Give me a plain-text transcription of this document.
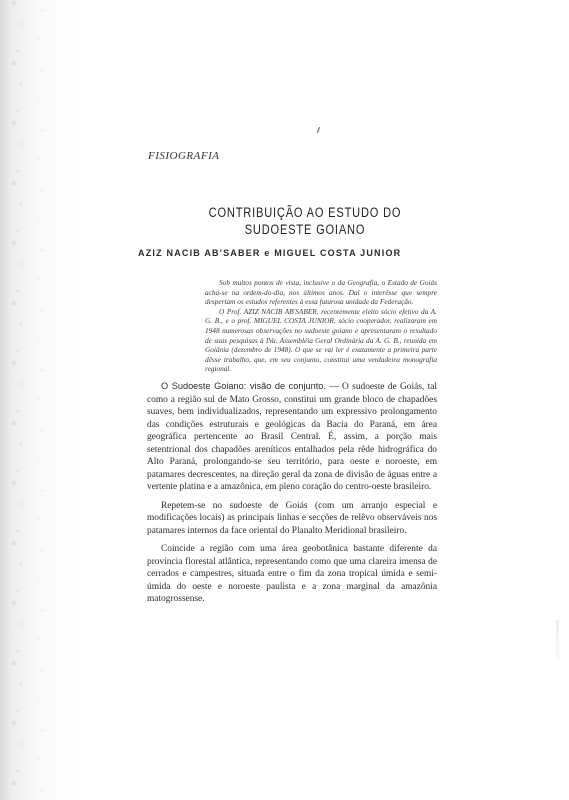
FISIOGRAFIA
CONTRIBUIÇÃO AO ESTUDO DO
SUDOESTE GOIANO
AZIZ NACIB AB'SABER e MIGUEL COSTA JUNIOR

Sob muitos pontos de vista, inclusive o da Geografia, o Estado de Goiás acha-se na ordem-do-dia, nos últimos anos. Daí o interêsse que sempre despertam os estudos referentes à essa futurosa unidade da Federação.

O Prof. AZIZ NACIB AB'SABER, recentemente eleito sócio efetivo da A. G. B., e o prof. MIGUEL COSTA JUNIOR, sócio cooperador, realizaram em 1948 numerosas observações no sudoeste goiano e apresentaram o resultado de suas pesquisas à IVa. Assembléia Geral Ordinária da A. G. B., reunida em Goiânia (dezembro de 1948). O que se vai ler é exatamente a primeira parte dêsse trabalho, que, em seu conjunto, constitui uma verdadeira monografia regional.

O Sudoeste Goiano: visão de conjunto. — O sudoeste de Goiás, tal como a região sul de Mato Grosso, constitui um grande bloco de chapadões suaves, bem individualizados, representando um expressivo prolongamento das condições estruturais e geológicas da Bacia do Paraná, em área geográfica pertencente ao Brasil Central. É, assim, a porção mais setentrional dos chapadões areníticos entalhados pela rêde hidrográfica do Alto Paraná, prolongando-se seu território, para oeste e noroeste, em patamares decrescentes, na direção geral da zona de divisão de águas entre a vertente platina e a amazônica, em pleno coração do centro-oeste brasileiro.

Repetem-se no sudoeste de Goiás (com um arranjo especial e modificações locais) as principais linhas e secções de relêvo observáveis nos patamares internos da face oriental do Planalto Meridional brasileiro.

Coincide a região com uma área geobotânica bastante diferente da província florestal atlântica, representando como que uma clareira imensa de cerrados e campestres, situada entre o fim da zona tropical úmida e semi-úmida do oeste e noroeste paulista e a zona marginal da amazônia matogrossense.
